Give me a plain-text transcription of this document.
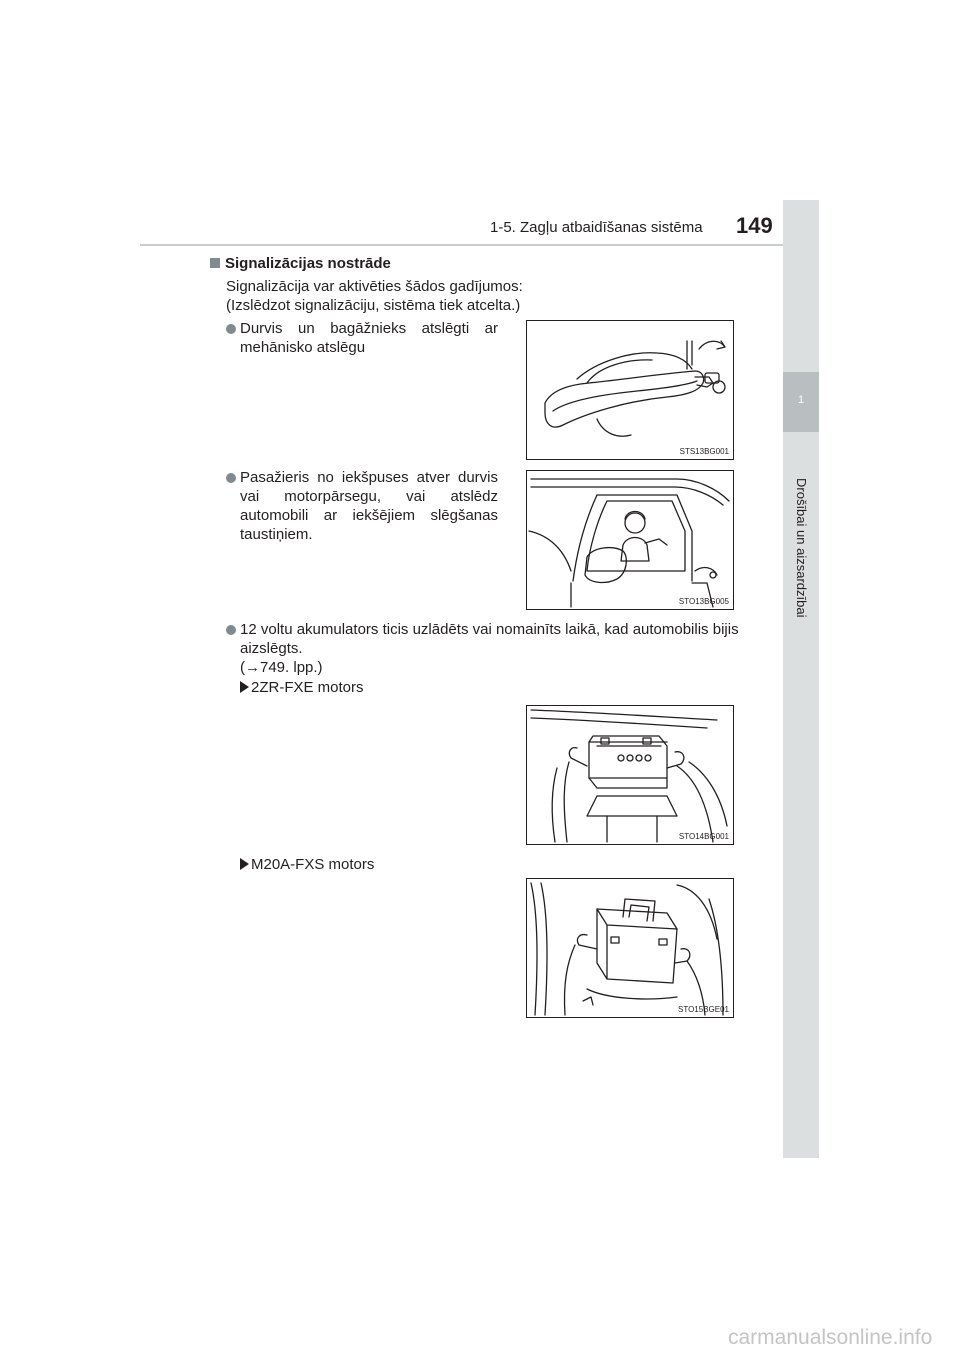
1-5. Zagļu atbaidīšanas sistēma 149
1
Drošībai un aizsardzībai
Signalizācijas nostrāde
Signalizācija var aktivēties šādos gadījumos:
(Izslēdzot signalizāciju, sistēma tiek atcelta.)
Durvis un bagāžnieks atslēgti ar mehānisko atslēgu
STS13BG001
Pasažieris no iekšpuses atver durvis vai motorpārsegu, vai atslēdz automobili ar iekšējiem slēgšanas taustiņiem.
STO13BG005
12 voltu akumulators ticis uzlādēts vai nomainīts laikā, kad automobilis bijis
aizslēgts.
(→749. lpp.)
2ZR-FXE motors
STO14BG001
M20A-FXS motors
STO15BGE01
carmanualsonline.info
